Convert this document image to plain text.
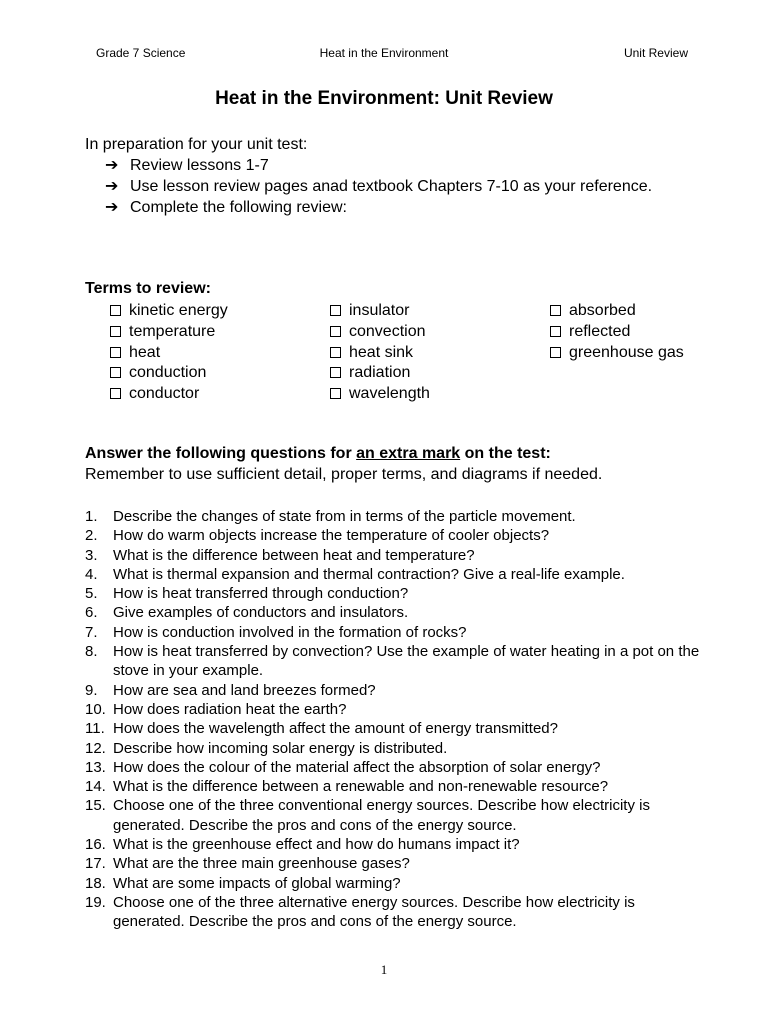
Grade 7 Science	Heat in the Environment	Unit Review
Heat in the Environment: Unit Review
In preparation for your unit test:
➔ Review lessons 1-7
➔ Use lesson review pages anad textbook Chapters 7-10 as your reference.
➔ Complete the following review:
Terms to review:
kinetic energy
temperature
heat
conduction
conductor
insulator
convection
heat sink
radiation
wavelength
absorbed
reflected
greenhouse gas
Answer the following questions for an extra mark on the test:
Remember to use sufficient detail, proper terms, and diagrams if needed.
1. Describe the changes of state from in terms of the particle movement.
2. How do warm objects increase the temperature of cooler objects?
3. What is the difference between heat and temperature?
4. What is thermal expansion and thermal contraction? Give a real-life example.
5. How is heat transferred through conduction?
6. Give examples of conductors and insulators.
7. How is conduction involved in the formation of rocks?
8. How is heat transferred by convection? Use the example of water heating in a pot on the stove in your example.
9. How are sea and land breezes formed?
10. How does radiation heat the earth?
11. How does the wavelength affect the amount of energy transmitted?
12. Describe how incoming solar energy is distributed.
13. How does the colour of the material affect the absorption of solar energy?
14. What is the difference between a renewable and non-renewable resource?
15. Choose one of the three conventional energy sources. Describe how electricity is generated. Describe the pros and cons of the energy source.
16. What is the greenhouse effect and how do humans impact it?
17. What are the three main greenhouse gases?
18. What are some impacts of global warming?
19. Choose one of the three alternative energy sources. Describe how electricity is generated. Describe the pros and cons of the energy source.
1
